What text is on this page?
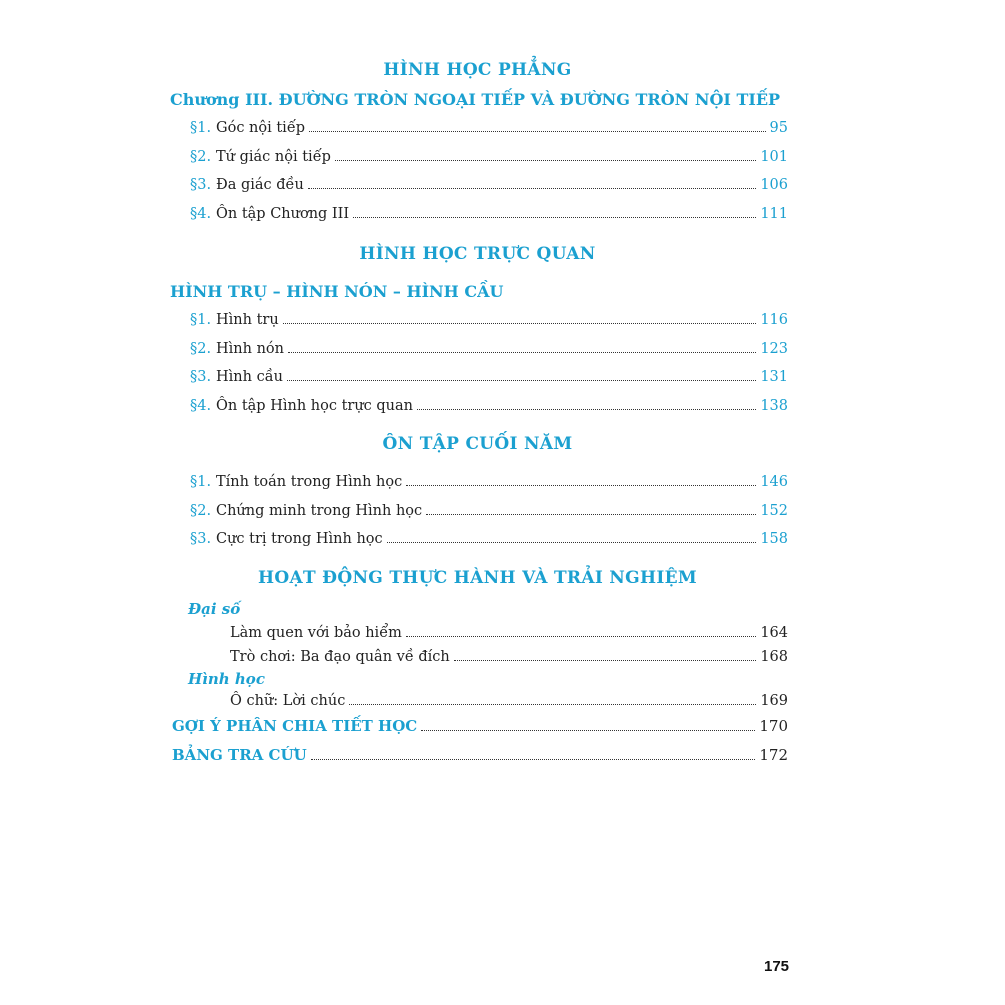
HÌNH HỌC PHẲNG
Chương III. ĐƯỜNG TRÒN NGOẠI TIẾP VÀ ĐƯỜNG TRÒN NỘI TIẾP
§1. Góc nội tiếp	95
§2. Tứ giác nội tiếp	101
§3. Đa giác đều	106
§4. Ôn tập Chương III	111
HÌNH HỌC TRỰC QUAN
HÌNH TRỤ – HÌNH NÓN – HÌNH CẦU
§1. Hình trụ	116
§2. Hình nón	123
§3. Hình cầu	131
§4. Ôn tập Hình học trực quan	138
ÔN TẬP CUỐI NĂM
§1. Tính toán trong Hình học	146
§2. Chứng minh trong Hình học	152
§3. Cực trị trong Hình học	158
HOẠT ĐỘNG THỰC HÀNH VÀ TRẢI NGHIỆM
Đại số
Làm quen với bảo hiểm	164
Trò chơi: Ba đạo quân về đích	168
Hình học
Ô chữ: Lời chúc	169
GỢI Ý PHÂN CHIA TIẾT HỌC	170
BẢNG TRA CỨU	172
175
